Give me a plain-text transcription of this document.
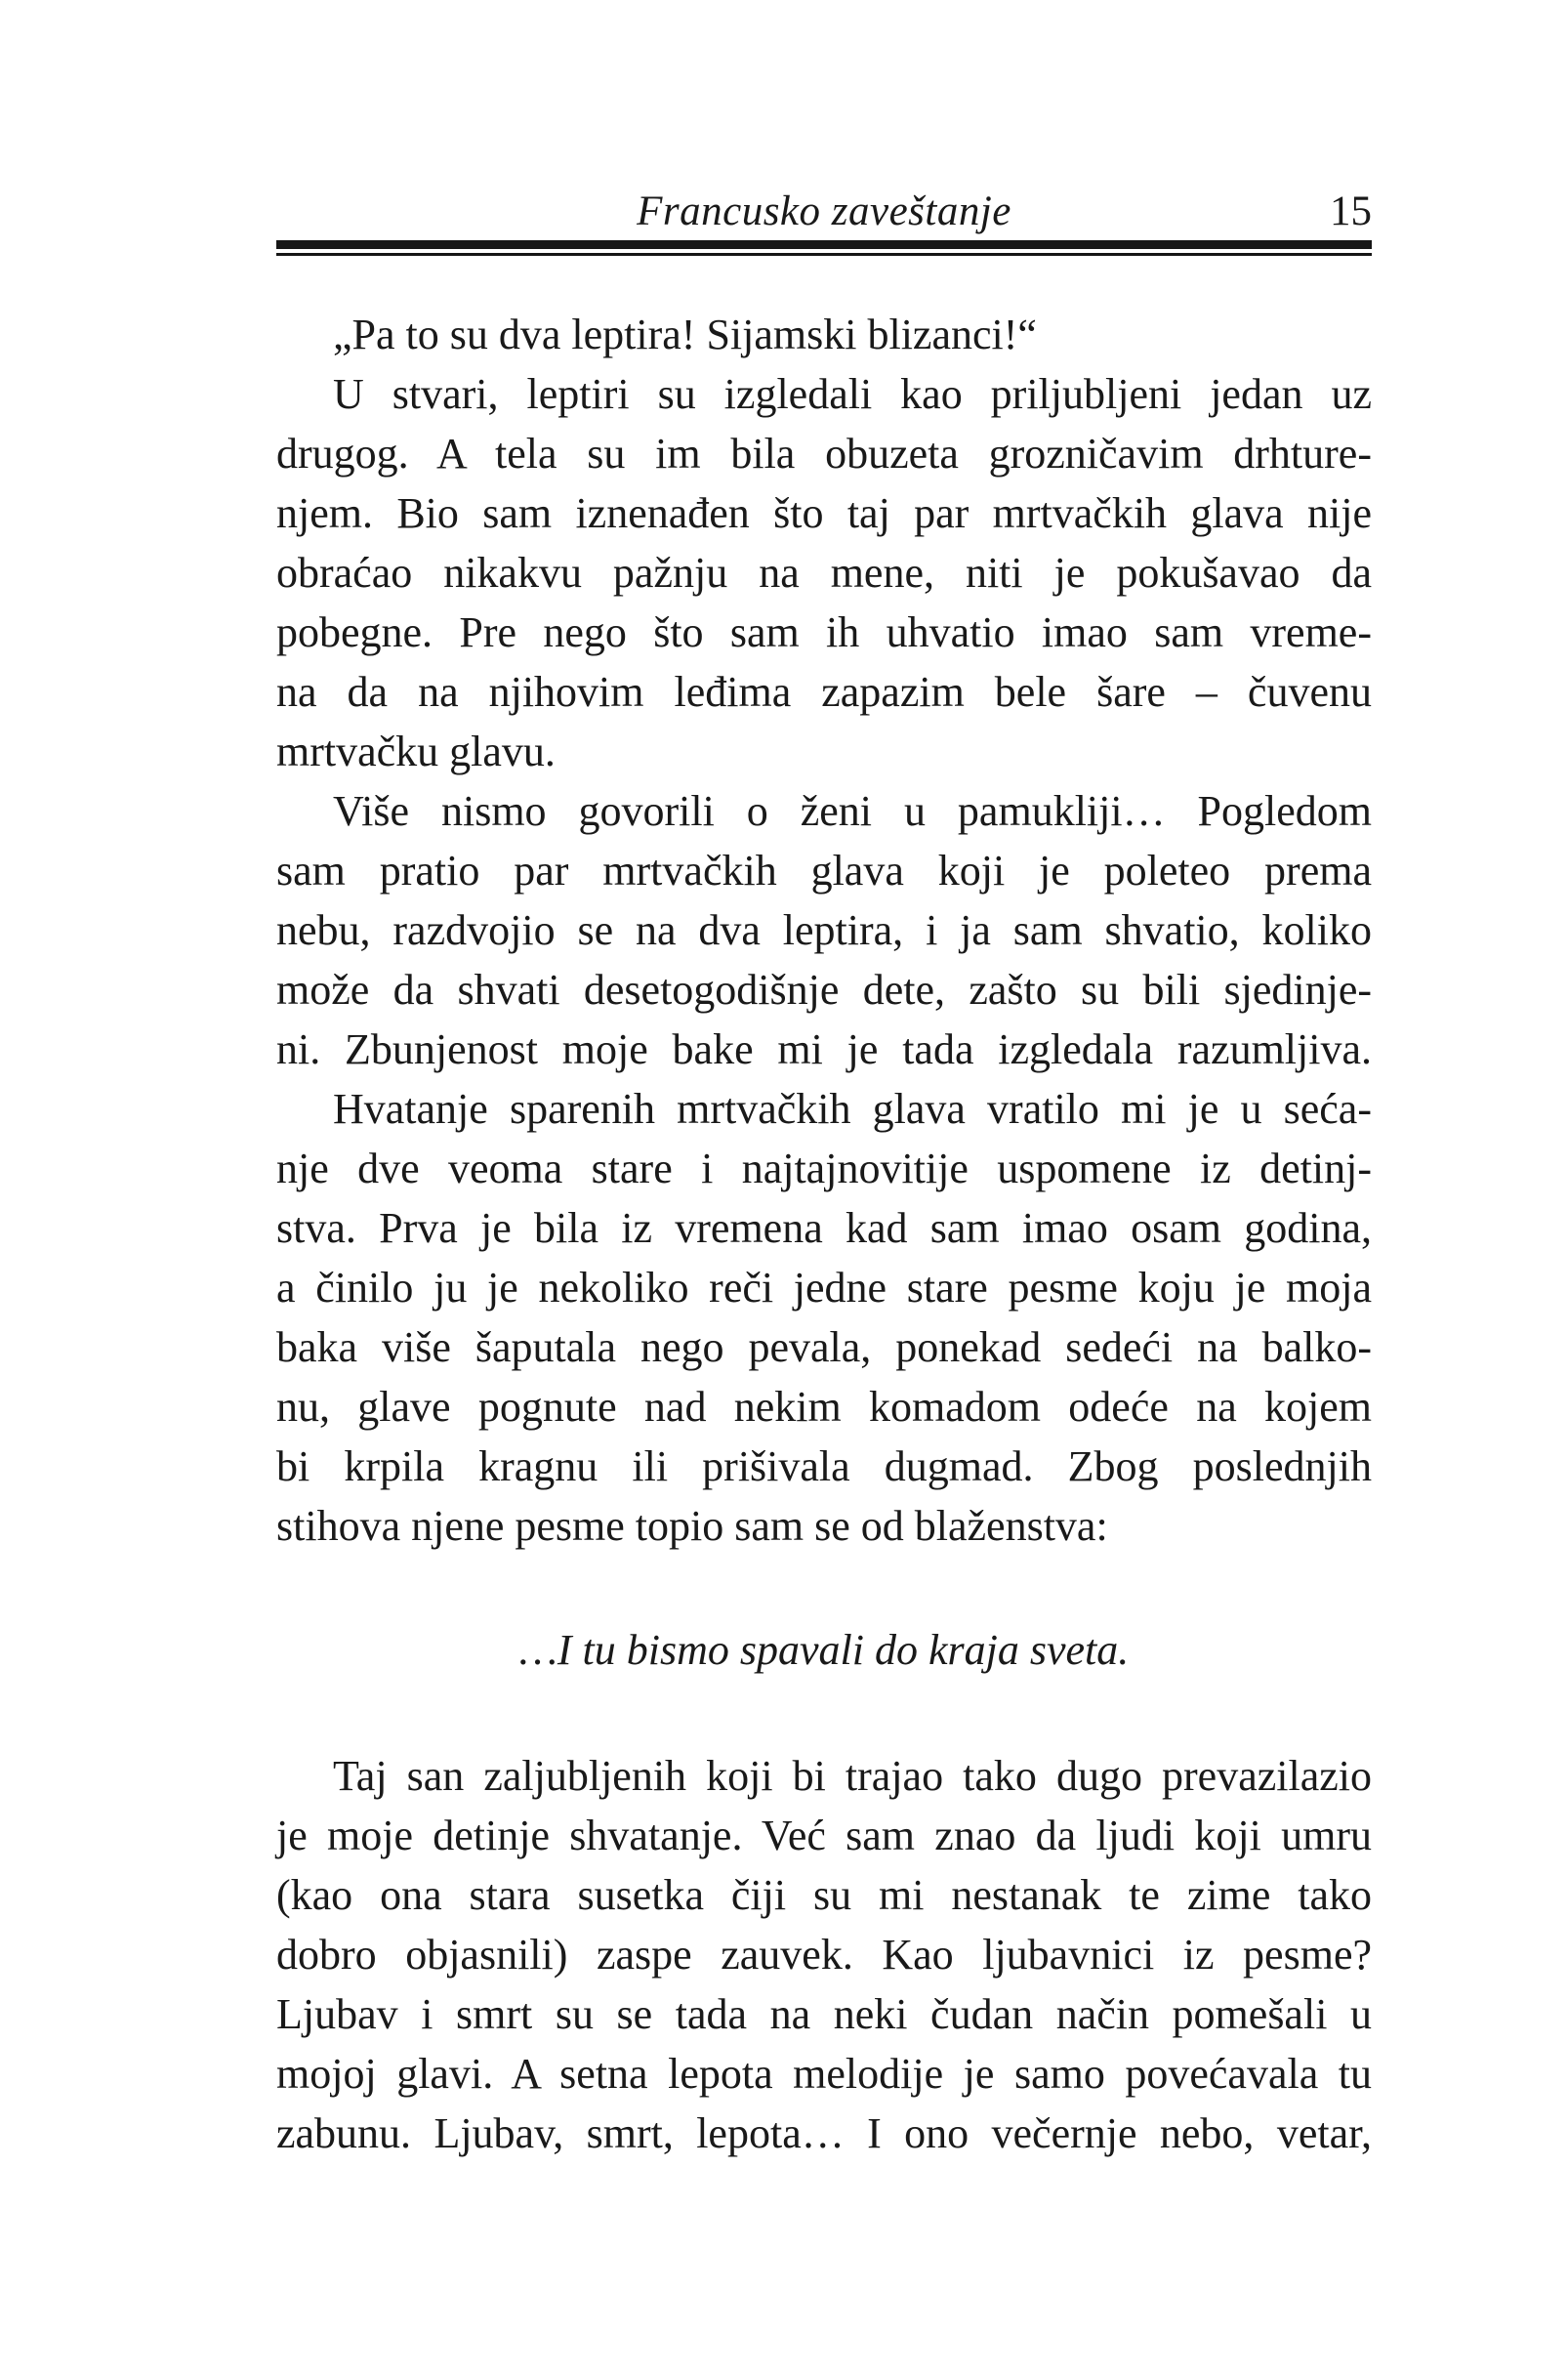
Francusko zaveštanje	15
„Pa to su dva leptira! Sijamski blizanci!“
U stvari, leptiri su izgledali kao priljubljeni jedan uz
drugog. A tela su im bila obuzeta grozničavim drhture-
njem. Bio sam iznenađen što taj par mrtvačkih glava nije
obraćao nikakvu pažnju na mene, niti je pokušavao da
pobegne. Pre nego što sam ih uhvatio imao sam vreme-
na da na njihovim leđima zapazim bele šare – čuvenu
mrtvačku glavu.
Više nismo govorili o ženi u pamukliji… Pogledom
sam pratio par mrtvačkih glava koji je poleteo prema
nebu, razdvojio se na dva leptira, i ja sam shvatio, koliko
može da shvati desetogodišnje dete, zašto su bili sjedinje-
ni. Zbunjenost moje bake mi je tada izgledala razumljiva.
Hvatanje sparenih mrtvačkih glava vratilo mi je u seća-
nje dve veoma stare i najtajnovitije uspomene iz detinj-
stva. Prva je bila iz vremena kad sam imao osam godina,
a činilo ju je nekoliko reči jedne stare pesme koju je moja
baka više šaputala nego pevala, ponekad sedeći na balko-
nu, glave pognute nad nekim komadom odeće na kojem
bi krpila kragnu ili prišivala dugmad. Zbog poslednjih
stihova njene pesme topio sam se od blaženstva:
…I tu bismo spavali do kraja sveta.
Taj san zaljubljenih koji bi trajao tako dugo prevazilazio
je moje detinje shvatanje. Već sam znao da ljudi koji umru
(kao ona stara susetka čiji su mi nestanak te zime tako
dobro objasnili) zaspe zauvek. Kao ljubavnici iz pesme?
Ljubav i smrt su se tada na neki čudan način pomešali u
mojoj glavi. A setna lepota melodije je samo povećavala tu
zabunu. Ljubav, smrt, lepota… I ono večernje nebo, vetar,
